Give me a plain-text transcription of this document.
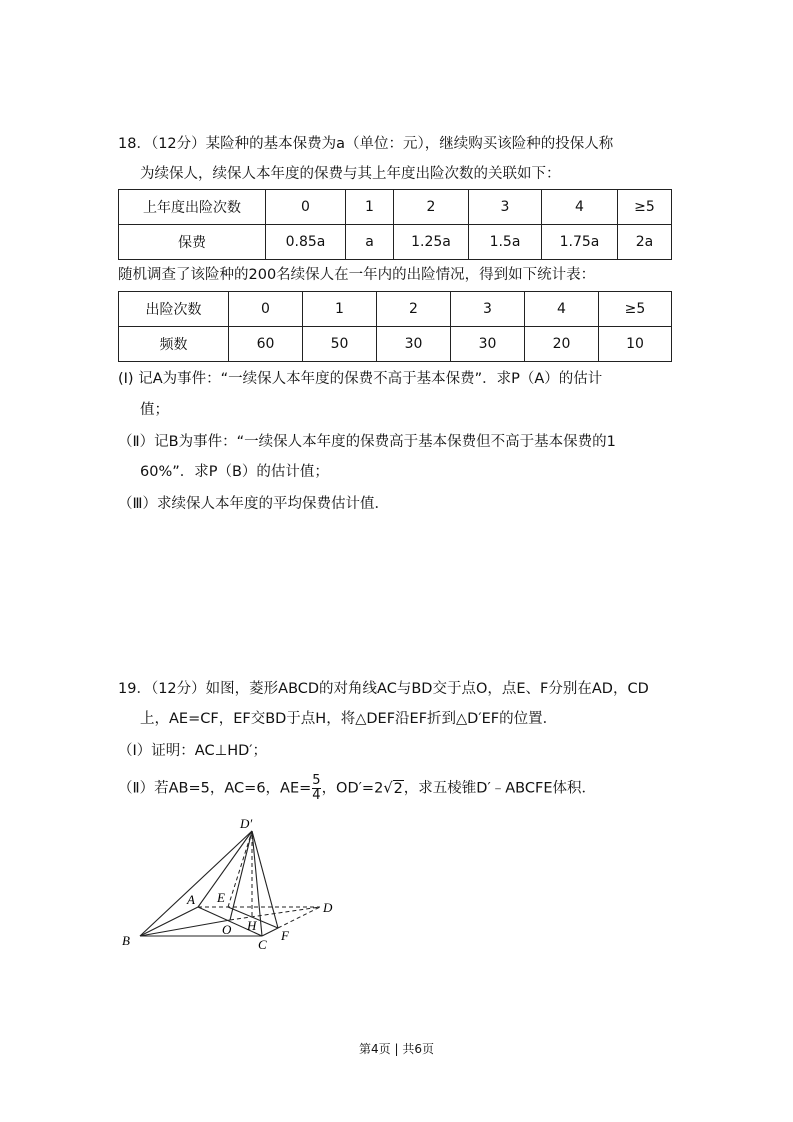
18．（12分）某险种的基本保费为a（单位：元），继续购买该险种的投保人称
为续保人，续保人本年度的保费与其上年度出险次数的关联如下：
上年度出险次数	0	1	2	3	4	≥5
保费	0.85a	a	1.25a	1.5a	1.75a	2a
随机调查了该险种的200名续保人在一年内的出险情况，得到如下统计表：
出险次数	0	1	2	3	4	≥5
频数	60	50	30	30	20	10
(Ⅰ) 记A为事件：“一续保人本年度的保费不高于基本保费”．求P（A）的估计
值；
（Ⅱ）记B为事件：“一续保人本年度的保费高于基本保费但不高于基本保费的1
60%”．求P（B）的估计值；
（Ⅲ）求续保人本年度的平均保费估计值．
19．（12分）如图，菱形ABCD的对角线AC与BD交于点O，点E、F分别在AD，CD
上，AE=CF，EF交BD于点H，将△DEF沿EF折到△D′EF的位置．
（Ⅰ）证明：AC⊥HD′；
（Ⅱ）若AB=5，AC=6，$AE= \frac{5}{4}$ ，OD′=2√2，求五棱锥D′﹣ABCFE体积．
D′
A E
D
B
O H
C
F
第4页 | 共6页
